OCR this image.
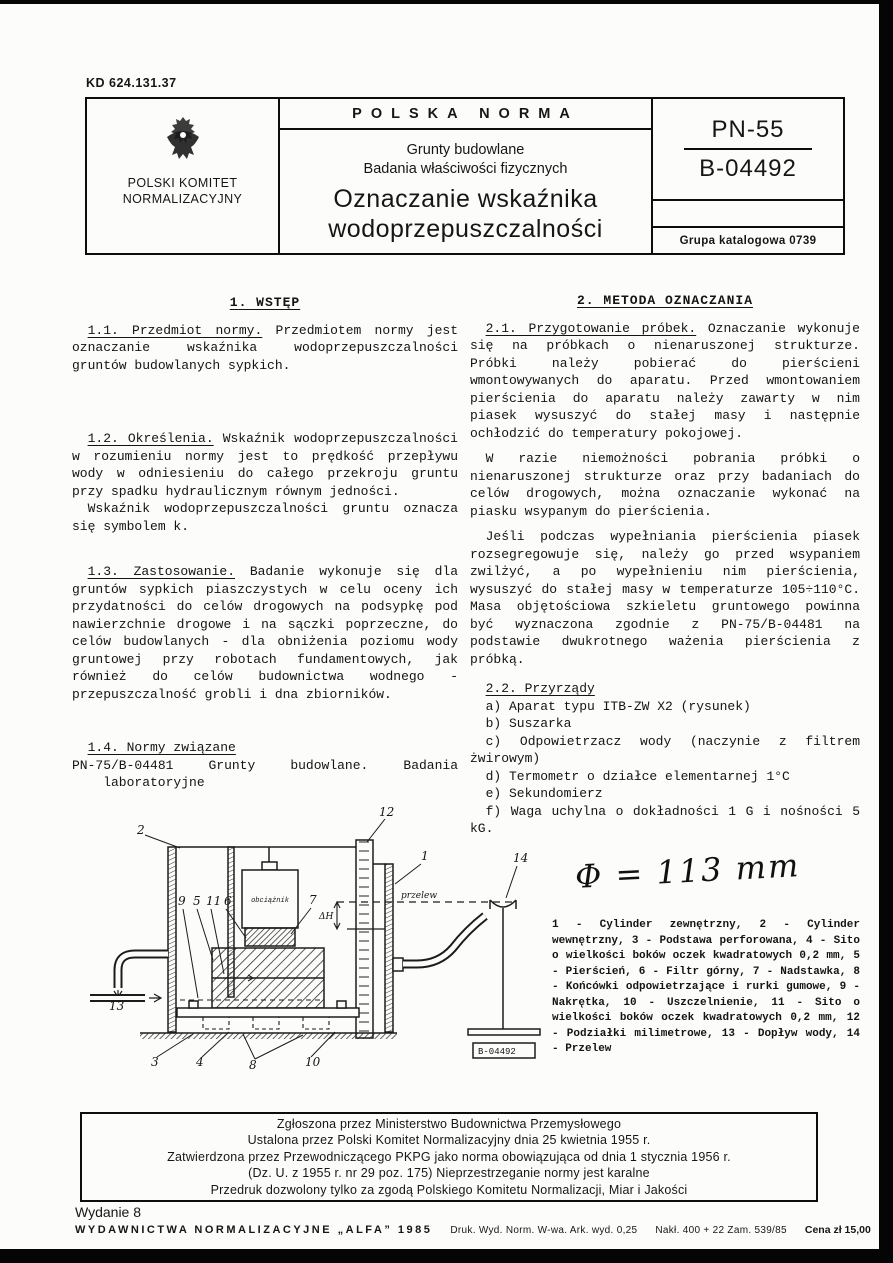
KD 624.131.37
POLSKI KOMITET
NORMALIZACYJNY
POLSKA NORMA
Grunty budowlane
Badania właściwości fizycznych
Oznaczanie wskaźnika
wodoprzepuszczalności
PN-55
B-04492
Grupa katalogowa 0739

1. WSTĘP

1.1. Przedmiot normy. Przedmiotem normy jest oznaczanie wskaźnika wodoprzepuszczalności gruntów budowlanych sypkich.

1.2. Określenia. Wskaźnik wodoprzepuszczalności w rozumieniu normy jest to prędkość przepływu wody w odniesieniu do całego przekroju gruntu przy spadku hydraulicznym równym jedności.

Wskaźnik wodoprzepuszczalności gruntu oznacza się symbolem k.

1.3. Zastosowanie. Badanie wykonuje się dla gruntów sypkich piaszczystych w celu oceny ich przydatności do celów drogowych na podsypkę pod nawierzchnie drogowe i na sączki poprzeczne, do celów budowlanych - dla obniżenia poziomu wody gruntowej przy robotach fundamentowych, jak również do celów budownictwa wodnego - przepuszczalność grobli i dna zbiorników.

1.4. Normy związane

PN-75/B-04481 Grunty budowlane. Badania laboratoryjne

2. METODA OZNACZANIA

2.1. Przygotowanie próbek. Oznaczanie wykonuje się na próbkach o nienaruszonej strukturze. Próbki należy pobierać do pierścieni wmontowywanych do aparatu. Przed wmontowaniem pierścienia do aparatu należy zawarty w nim piasek wysuszyć do stałej masy i następnie ochłodzić do temperatury pokojowej.

W razie niemożności pobrania próbki o nienaruszonej strukturze oraz przy badaniach do celów drogowych, można oznaczanie wykonać na piasku wsypanym do pierścienia.

Jeśli podczas wypełniania pierścienia piasek rozsegregowuje się, należy go przed wsypaniem zwilżyć, a po wypełnieniu nim pierścienia, wysuszyć do stałej masy w temperaturze 105÷110°C. Masa objętościowa szkieletu gruntowego powinna być wyznaczona zgodnie z PN-75/B-04481 na podstawie dwukrotnego ważenia pierścienia z próbką.

2.2. Przyrządy

a) Aparat typu ITB-ZW X2 (rysunek)

b) Suszarka

c) Odpowietrzacz wody (naczynie z filtrem żwirowym)

d) Termometr o działce elementarnej 1°C

e) Sekundomierz

f) Waga uchylna o dokładności 1 G i nośności 5 kG.

2
12
1	14
9 5 11 6	7
3	4	8	10
13
przelew
ΔH
obciążnik
B-04492
Φ = 113 mm
1 - Cylinder zewnętrzny, 2 - Cylinder wewnętrzny, 3 - Podstawa perforowana, 4 - Sito o wielkości boków oczek kwadratowych 0,2 mm, 5 - Pierścień, 6 - Filtr górny, 7 - Nadstawka, 8 - Końcówki odpowietrzające i rurki gumowe, 9 - Nakrętka, 10 - Uszczelnienie, 11 - Sito o wielkości boków oczek kwadratowych 0,2 mm, 12 - Podziałki milimetrowe, 13 - Dopływ wody, 14 - Przelew
Zgłoszona przez Ministerstwo Budownictwa Przemysłowego
Ustalona przez Polski Komitet Normalizacyjny dnia 25 kwietnia 1955 r.
Zatwierdzona przez Przewodniczącego PKPG jako norma obowiązująca od dnia 1 stycznia 1956 r.
(Dz. U. z 1955 r. nr 29 poz. 175) Nieprzestrzeganie normy jest karalne
Przedruk dozwolony tylko za zgodą Polskiego Komitetu Normalizacji, Miar i Jakości
Wydanie 8
WYDAWNICTWA NORMALIZACYJNE „ALFA” 1985 Druk. Wyd. Norm. W-wa. Ark. wyd. 0,25 Nakł. 400 + 22 Zam. 539/85 Cena zł 15,00
